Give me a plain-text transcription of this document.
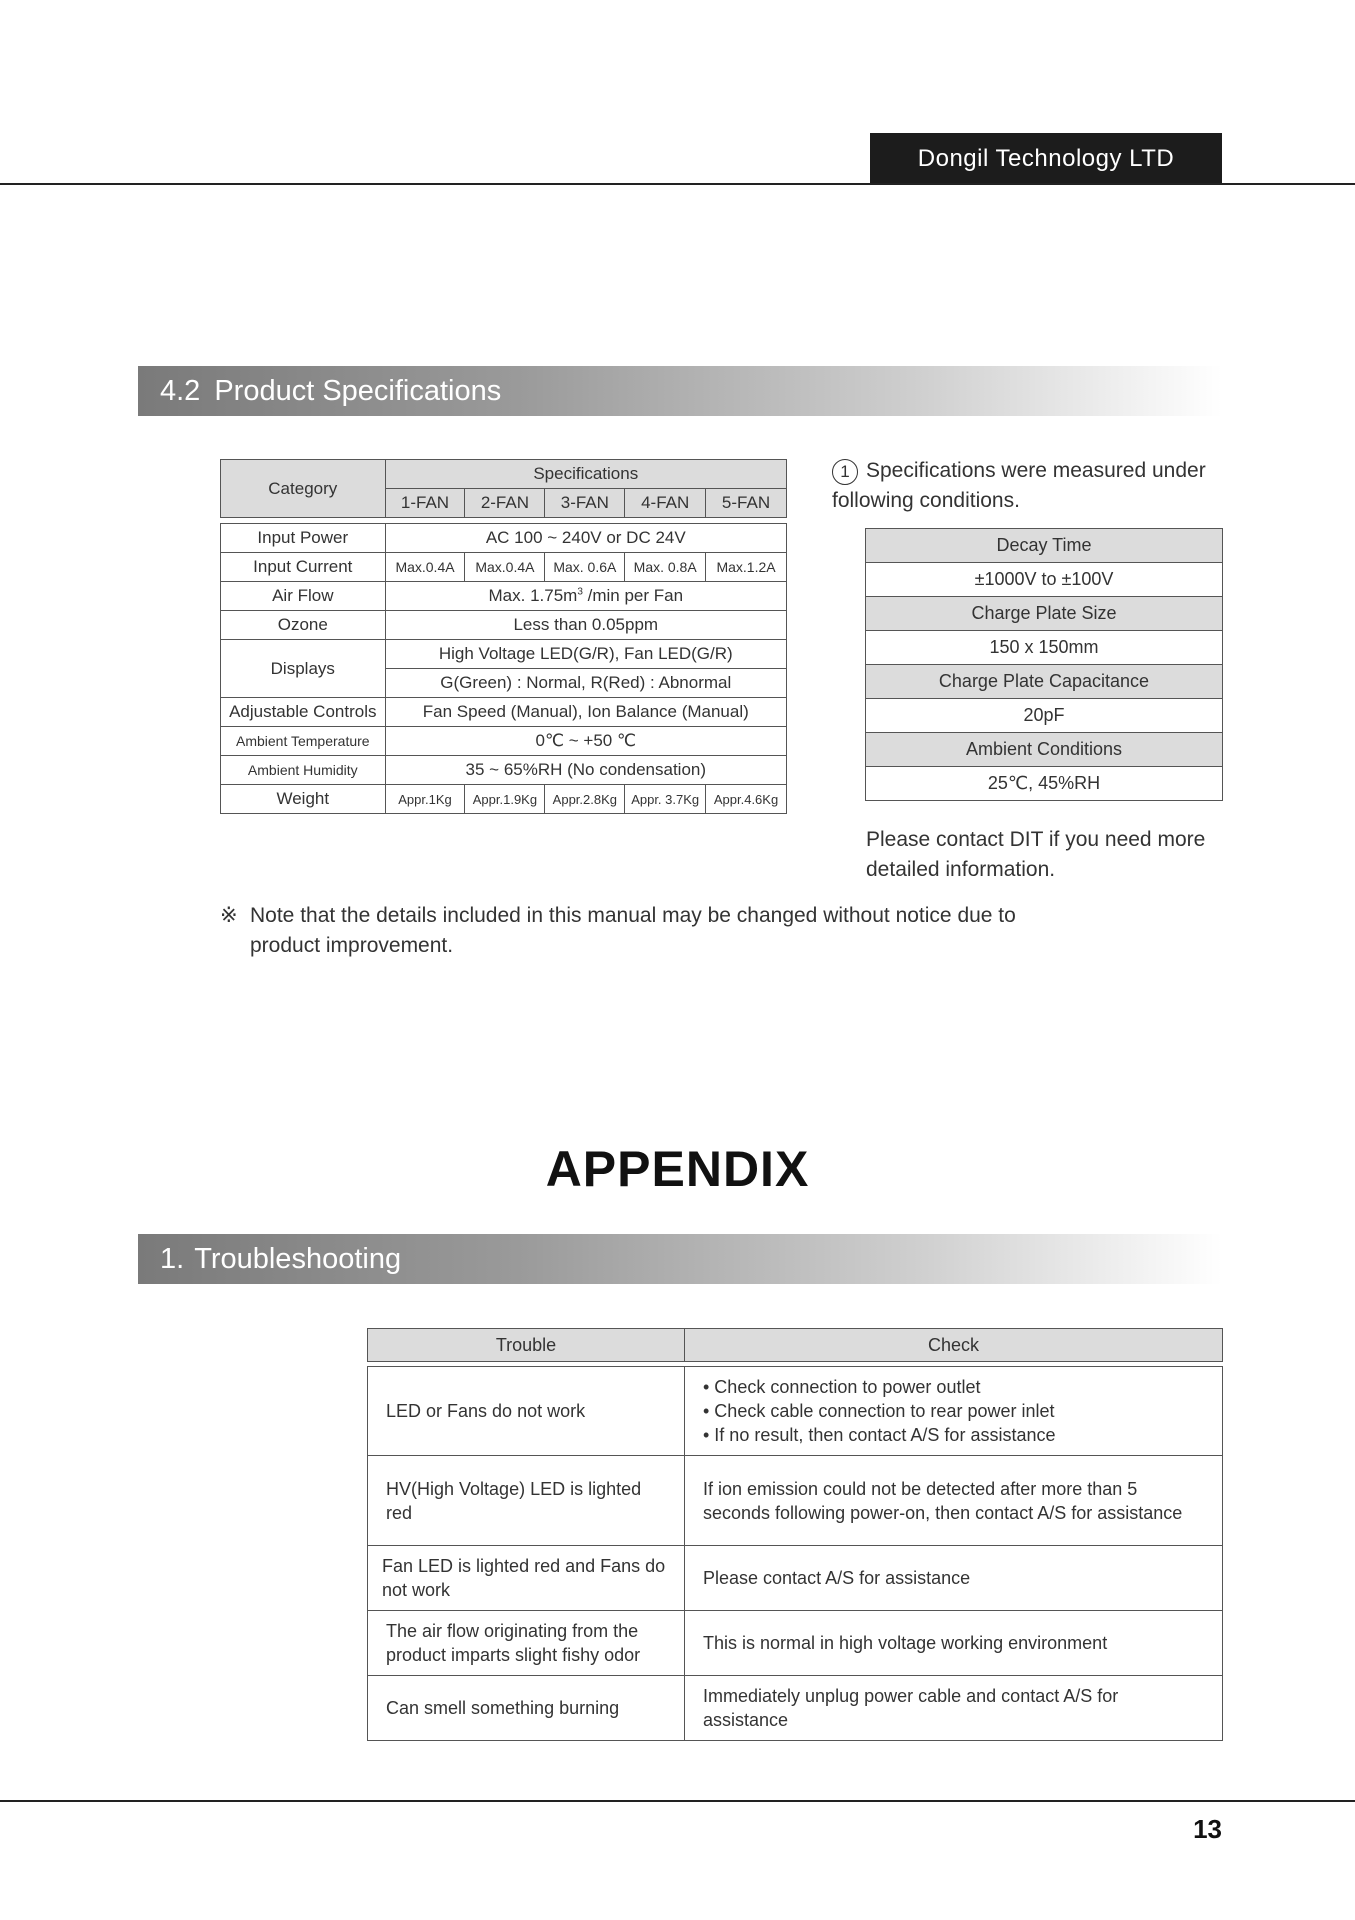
Dongil Technology LTD
4.2 Product Specifications
Category	Specifications				
	1-FAN	2-FAN	3-FAN	4-FAN	5-FAN

Input Power	AC 100 ~ 240V or DC 24V				
Input Current	Max.0.4A	Max.0.4A	Max. 0.6A	Max. 0.8A	Max.1.2A
Air Flow	Max. $1.75m^3$ /min per Fan				
Ozone	Less than 0.05ppm				
Displays	High Voltage LED(G/R), Fan LED(G/R)				
	G(Green) : Normal, R(Red) : Abnormal				
Adjustable Controls	Fan Speed (Manual), Ion Balance (Manual)				
Ambient Temperature	0℃ ~ +50 ℃				
Ambient Humidity	35 ~ 65%RH (No condensation)				
Weight	Appr.1Kg	Appr.1.9Kg	Appr.2.8Kg	Appr. 3.7Kg	Appr.4.6Kg
1 Specifications were measured under following conditions.
Decay Time
±1000V to ±100V
Charge Plate Size
150 x 150mm
Charge Plate Capacitance
20pF
Ambient Conditions
25℃, 45%RH
Please contact DIT if you need more detailed information.
※ Note that the details included in this manual may be changed without notice due to
product improvement.
APPENDIX
1. Troubleshooting
Trouble	Check

LED or Fans do not work	• Check connection to power outlet
• Check cable connection to rear power inlet
• If no result, then contact A/S for assistance

HV(High Voltage) LED is lighted red	If ion emission could not be detected after more than 5 seconds following power-on, then contact A/S for assistance
Fan LED is lighted red and Fans do not work	Please contact A/S for assistance
The air flow originating from the product imparts slight fishy odor	This is normal in high voltage working environment
Can smell something burning	Immediately unplug power cable and contact A/S for assistance
13
